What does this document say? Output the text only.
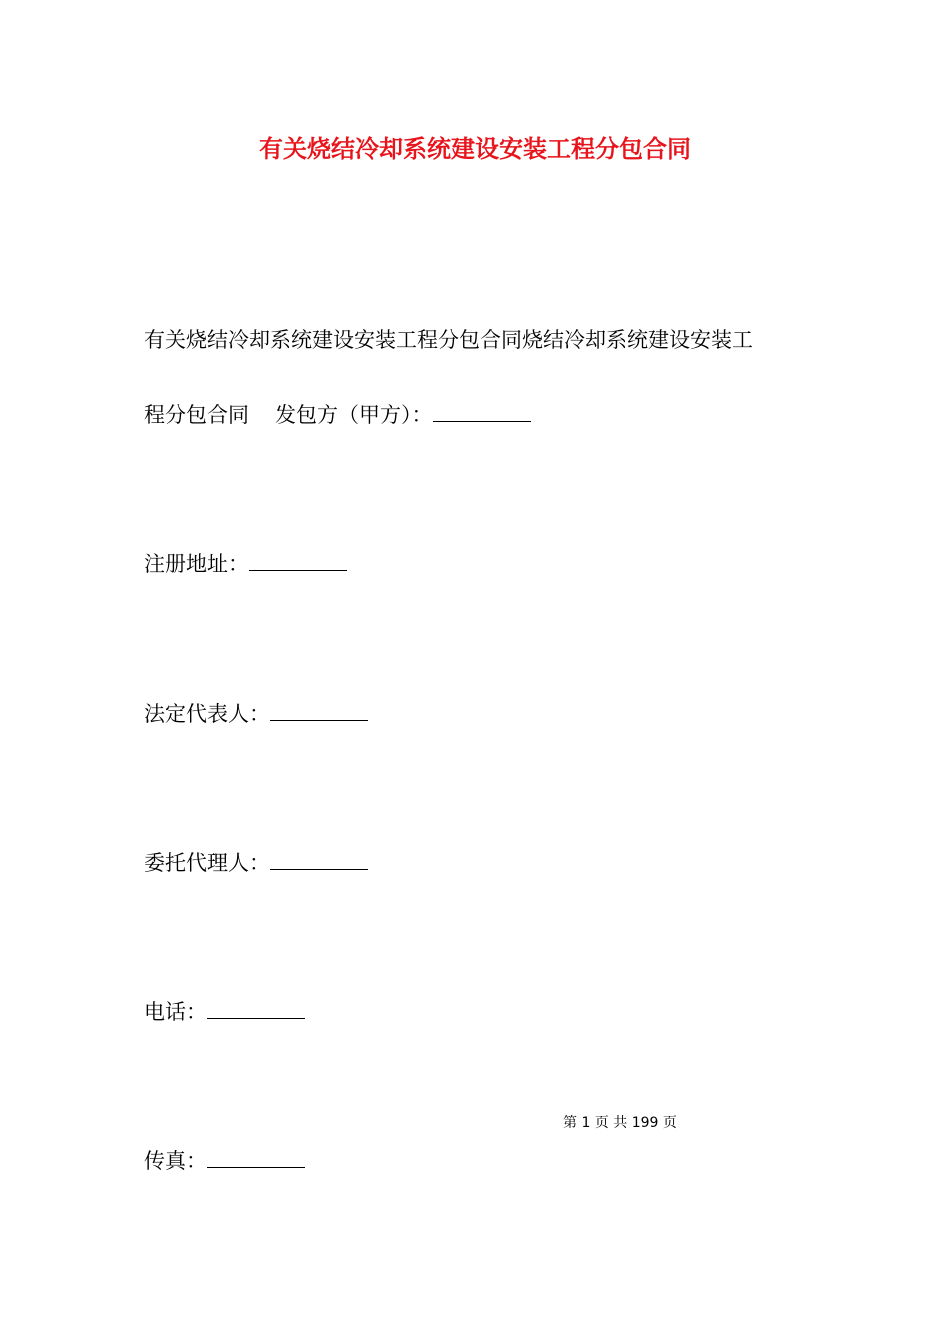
有关烧结冷却系统建设安装工程分包合同
有关烧结冷却系统建设安装工程分包合同烧结冷却系统建设安装工
程分包合同 发包方（甲方）：
注册地址：
法定代表人：
委托代理人：
电话：
第 1 页 共 199 页
传真：
